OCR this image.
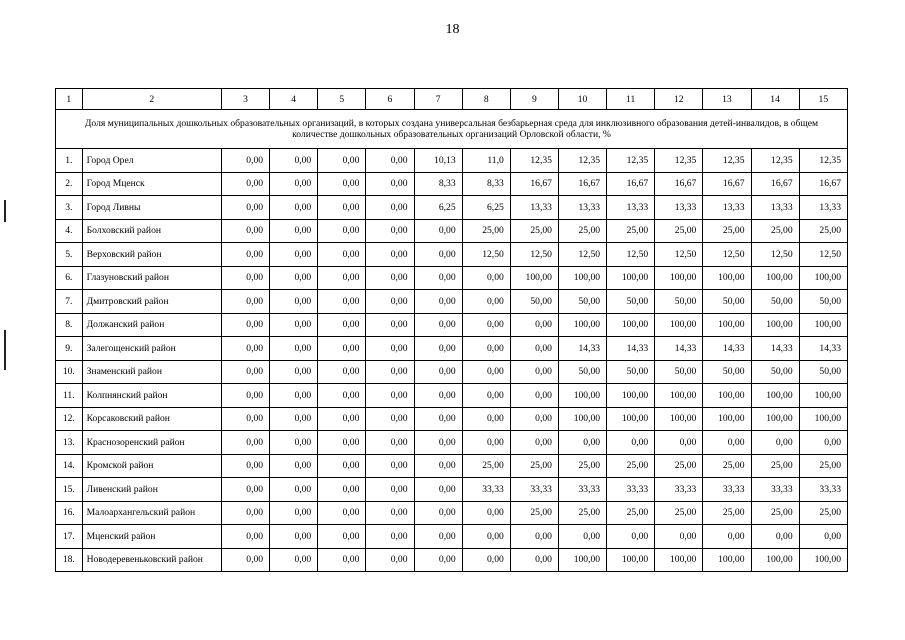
18
1	2	3	4	5	6	7	8	9	10	11	12	13	14	15
Доля муниципальных дошкольных образовательных организаций, в которых создана универсальная безбарьерная среда для инклюзивного образования детей-инвалидов, в общем количестве дошкольных образовательных организаций Орловской области, %														
1.	Город Орел	0,00	0,00	0,00	0,00	10,13	11,0	12,35	12,35	12,35	12,35	12,35	12,35	12,35
2.	Город Мценск	0,00	0,00	0,00	0,00	8,33	8,33	16,67	16,67	16,67	16,67	16,67	16,67	16,67
3.	Город Ливны	0,00	0,00	0,00	0,00	6,25	6,25	13,33	13,33	13,33	13,33	13,33	13,33	13,33
4.	Болховский район	0,00	0,00	0,00	0,00	0,00	25,00	25,00	25,00	25,00	25,00	25,00	25,00	25,00
5.	Верховский район	0,00	0,00	0,00	0,00	0,00	12,50	12,50	12,50	12,50	12,50	12,50	12,50	12,50
6.	Глазуновский район	0,00	0,00	0,00	0,00	0,00	0,00	100,00	100,00	100,00	100,00	100,00	100,00	100,00
7.	Дмитровский район	0,00	0,00	0,00	0,00	0,00	0,00	50,00	50,00	50,00	50,00	50,00	50,00	50,00
8.	Должанский район	0,00	0,00	0,00	0,00	0,00	0,00	0,00	100,00	100,00	100,00	100,00	100,00	100,00
9.	Залегощенский район	0,00	0,00	0,00	0,00	0,00	0,00	0,00	14,33	14,33	14,33	14,33	14,33	14,33
10.	Знаменский район	0,00	0,00	0,00	0,00	0,00	0,00	0,00	50,00	50,00	50,00	50,00	50,00	50,00
11.	Колпнянский район	0,00	0,00	0,00	0,00	0,00	0,00	0,00	100,00	100,00	100,00	100,00	100,00	100,00
12.	Корсаковский район	0,00	0,00	0,00	0,00	0,00	0,00	0,00	100,00	100,00	100,00	100,00	100,00	100,00
13.	Краснозоренский район	0,00	0,00	0,00	0,00	0,00	0,00	0,00	0,00	0,00	0,00	0,00	0,00	0,00
14.	Кромской район	0,00	0,00	0,00	0,00	0,00	25,00	25,00	25,00	25,00	25,00	25,00	25,00	25,00
15.	Ливенский район	0,00	0,00	0,00	0,00	0,00	33,33	33,33	33,33	33,33	33,33	33,33	33,33	33,33
16.	Малоархангельский район	0,00	0,00	0,00	0,00	0,00	0,00	25,00	25,00	25,00	25,00	25,00	25,00	25,00
17.	Мценский район	0,00	0,00	0,00	0,00	0,00	0,00	0,00	0,00	0,00	0,00	0,00	0,00	0,00
18.	Новодеревеньковский район	0,00	0,00	0,00	0,00	0,00	0,00	0,00	100,00	100,00	100,00	100,00	100,00	100,00
